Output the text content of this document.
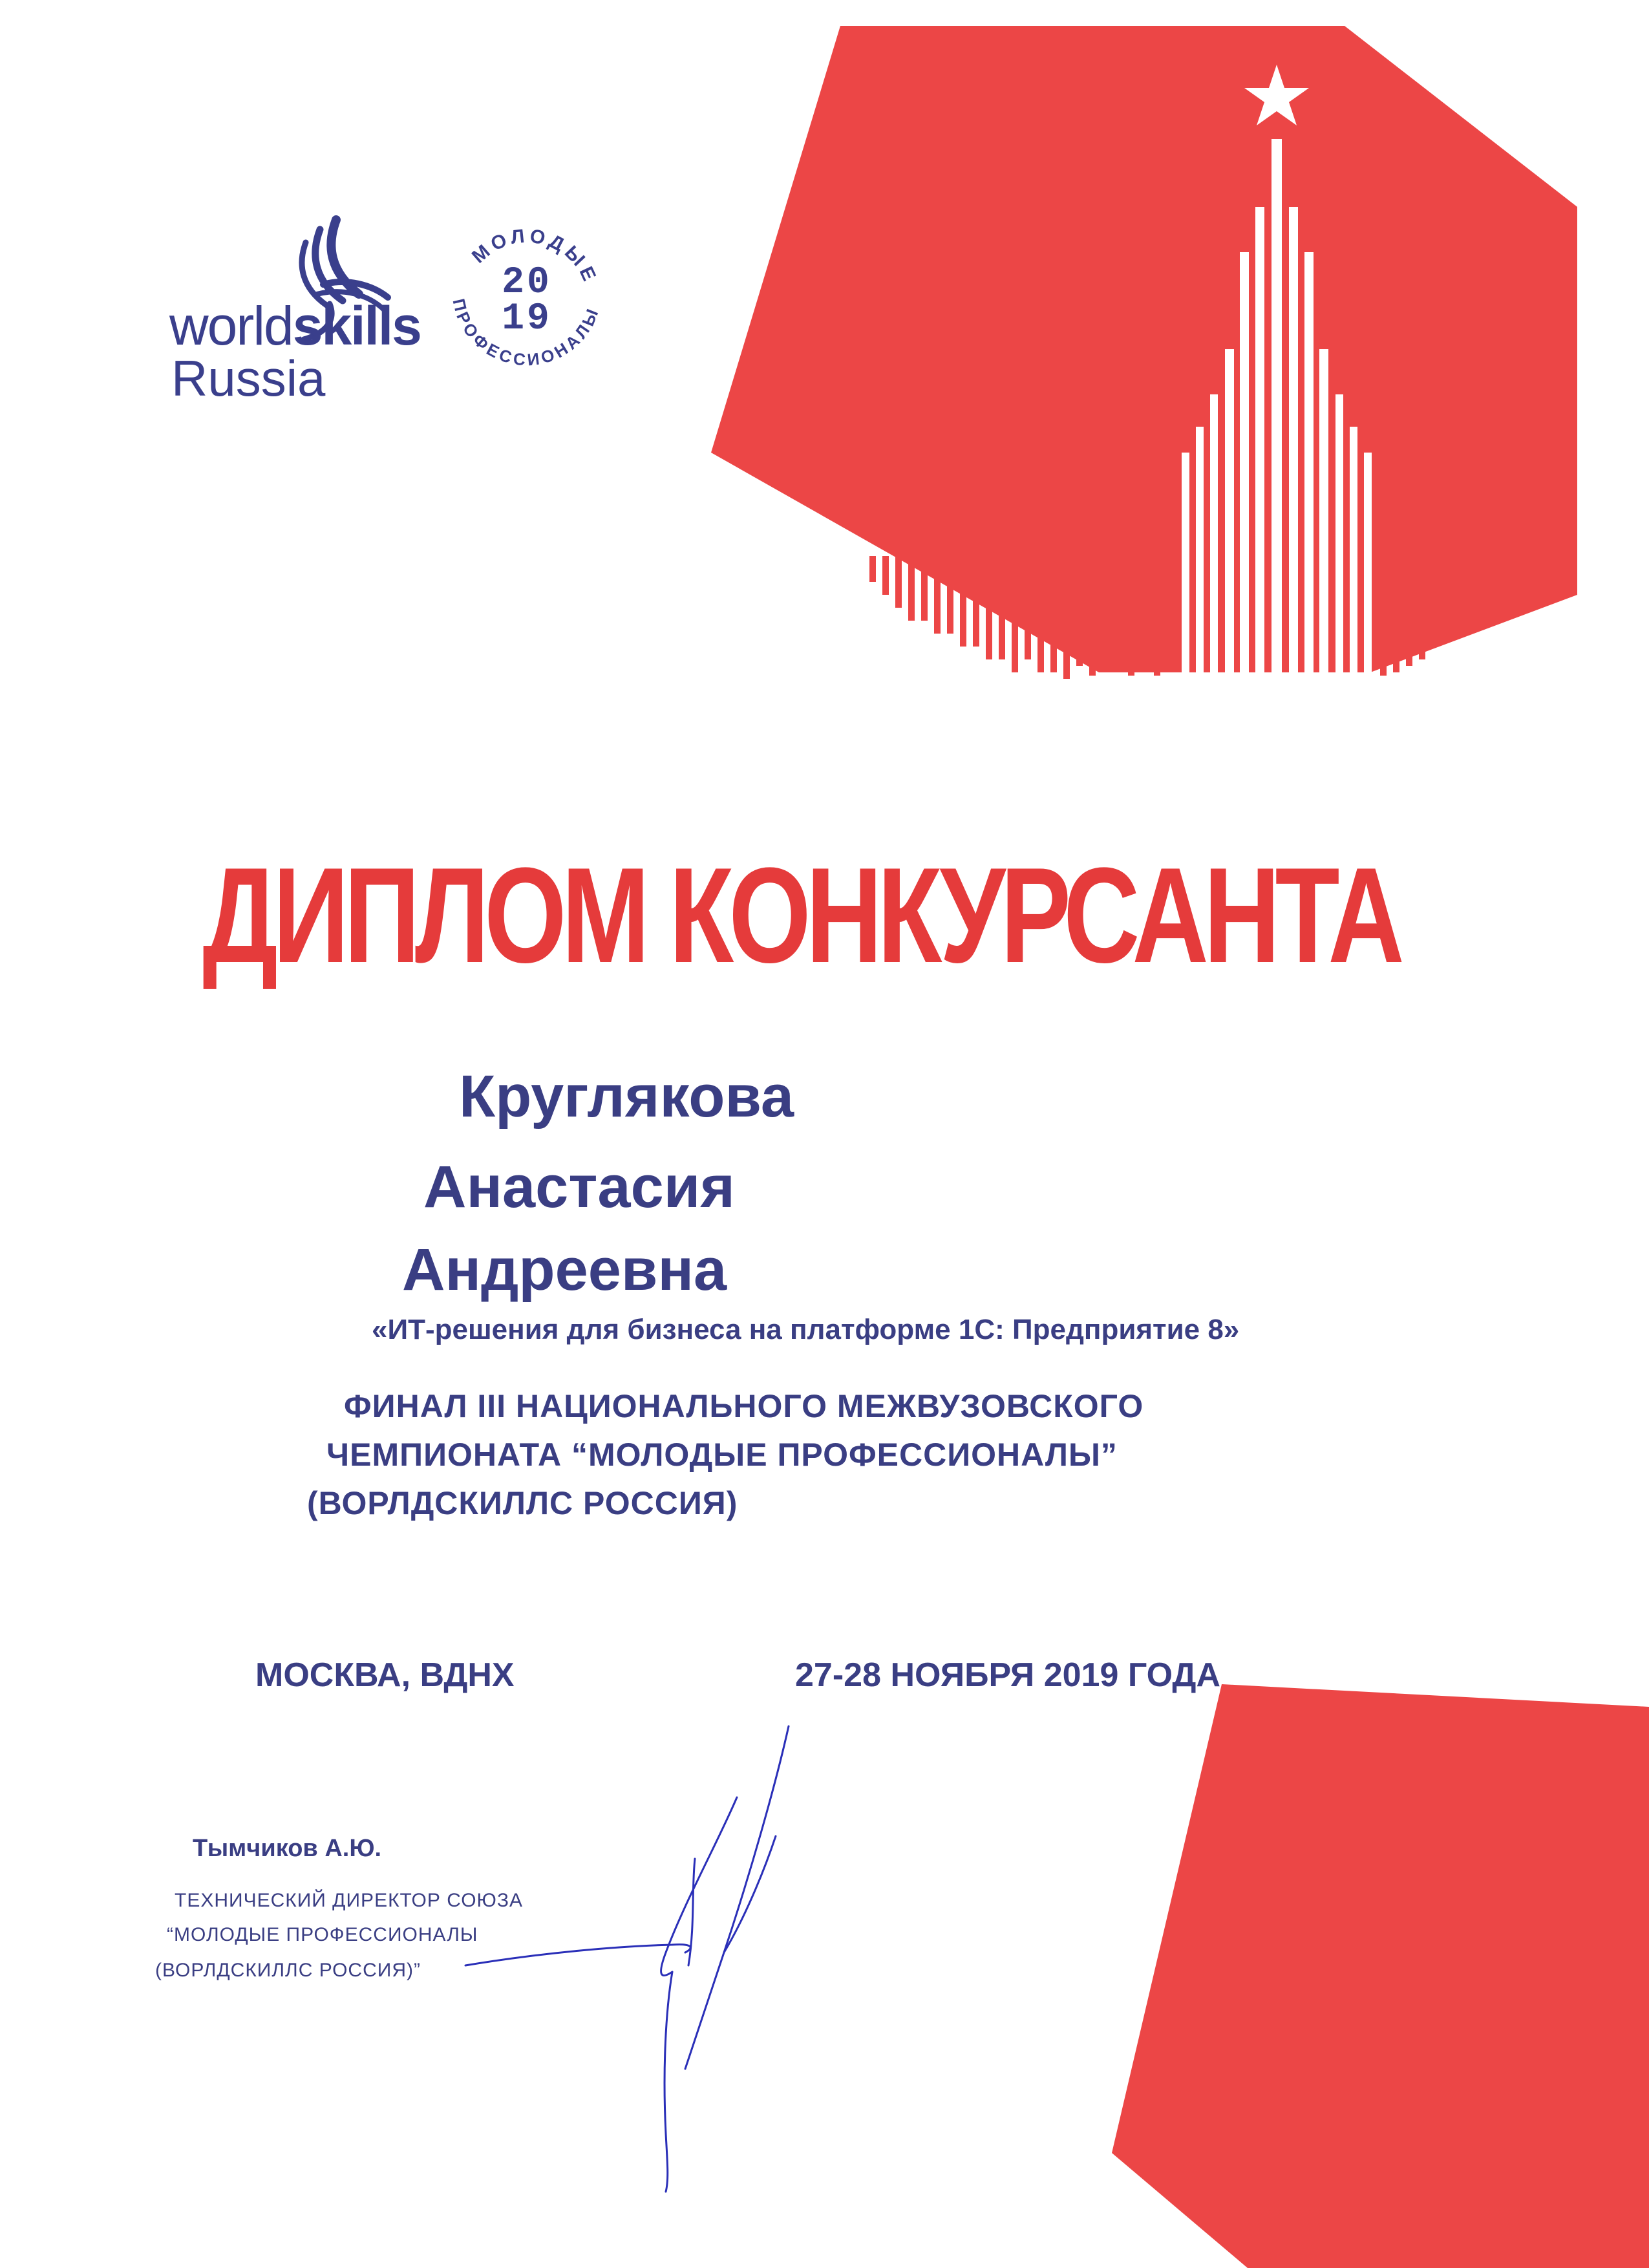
worldskills
Russia
МОЛОДЫЕ
ПРОФЕССИОНАЛЫ
20
19
ДИПЛОМ КОНКУРСАНТА
Круглякова
Анастасия
Андреевна
«ИТ-решения для бизнеса на платформе 1С: Предприятие 8»
ФИНАЛ III НАЦИОНАЛЬНОГО МЕЖВУЗОВСКОГО
ЧЕМПИОНАТА “МОЛОДЫЕ ПРОФЕССИОНАЛЫ”
(ВОРЛДСКИЛЛС РОССИЯ)
МОСКВА, ВДНХ	27-28 НОЯБРЯ 2019 ГОДА
Тымчиков А.Ю.
ТЕХНИЧЕСКИЙ ДИРЕКТОР СОЮЗА
“МОЛОДЫЕ ПРОФЕССИОНАЛЫ
(ВОРЛДСКИЛЛС РОССИЯ)”
